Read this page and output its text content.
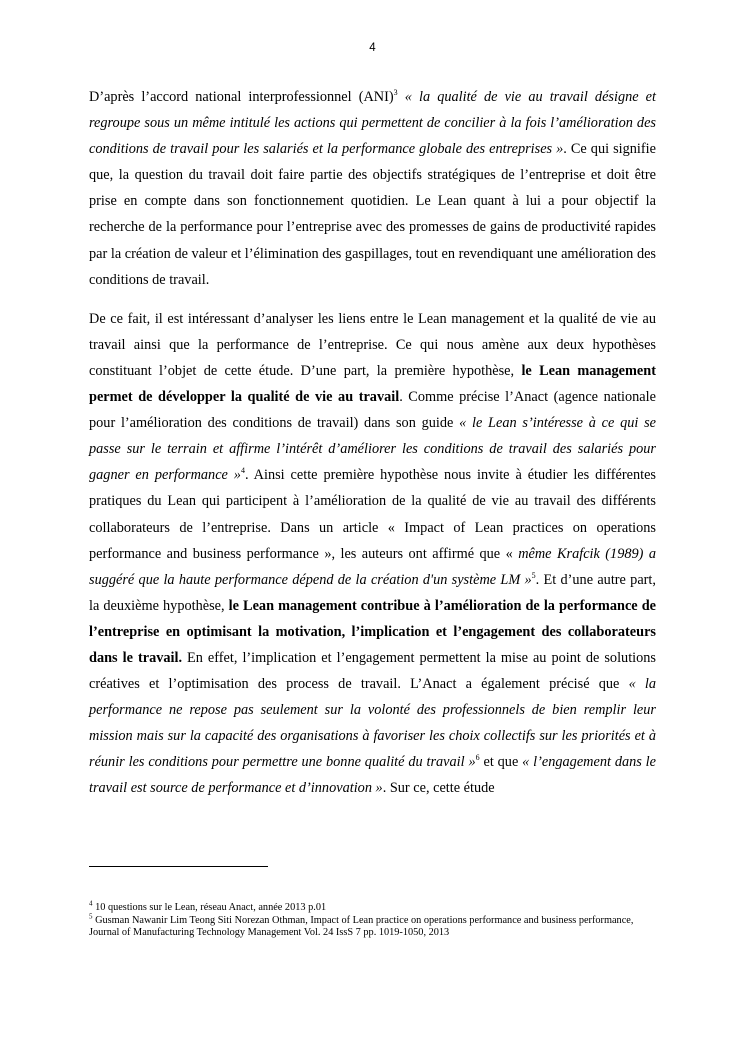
4

D’après l’accord national interprofessionnel (ANI)$^3$ « la qualité de vie au travail désigne et regroupe sous un même intitulé les actions qui permettent de concilier à la fois l’amélioration des conditions de travail pour les salariés et la performance globale des entreprises ». Ce qui signifie que, la question du travail doit faire partie des objectifs stratégiques de l’entreprise et doit être prise en compte dans son fonctionnement quotidien. Le Lean quant à lui a pour objectif la recherche de la performance pour l’entreprise avec des promesses de gains de productivité rapides par la création de valeur et l’élimination des gaspillages, tout en revendiquant une amélioration des conditions de travail.

De ce fait, il est intéressant d’analyser les liens entre le Lean management et la qualité de vie au travail ainsi que la performance de l’entreprise. Ce qui nous amène aux deux hypothèses constituant l’objet de cette étude. D’une part, la première hypothèse, le Lean management permet de développer la qualité de vie au travail. Comme précise l’Anact (agence nationale pour l’amélioration des conditions de travail) dans son guide « le Lean s’intéresse à ce qui se passe sur le terrain et affirme l’intérêt d’améliorer les conditions de travail des salariés pour gagner en performance »$^4$. Ainsi cette première hypothèse nous invite à étudier les différentes pratiques du Lean qui participent à l’amélioration de la qualité de vie au travail des différents collaborateurs de l’entreprise. Dans un article « Impact of Lean practices on operations performance and business performance », les auteurs ont affirmé que « même Krafcik (1989) a suggéré que la haute performance dépend de la création d'un système LM »$^5$. Et d’une autre part, la deuxième hypothèse, le Lean management contribue à l’amélioration de la performance de l’entreprise en optimisant la motivation, l’implication et l’engagement des collaborateurs dans le travail. En effet, l’implication et l’engagement permettent la mise au point de solutions créatives et l’optimisation des process de travail. L’Anact a également précisé que « la performance ne repose pas seulement sur la volonté des professionnels de bien remplir leur mission mais sur la capacité des organisations à favoriser les choix collectifs sur les priorités et à réunir les conditions pour permettre une bonne qualité du travail »$^6$ et que « l’engagement dans le travail est source de performance et d’innovation ». Sur ce, cette étude

$^4$ 10 questions sur le Lean, réseau Anact, année 2013 p.01

$^5$ Gusman Nawanir Lim Teong Siti Norezan Othman, Impact of Lean practice on operations performance and business performance, Journal of Manufacturing Technology Management Vol. 24 IssS 7 pp. 1019-1050, 2013
